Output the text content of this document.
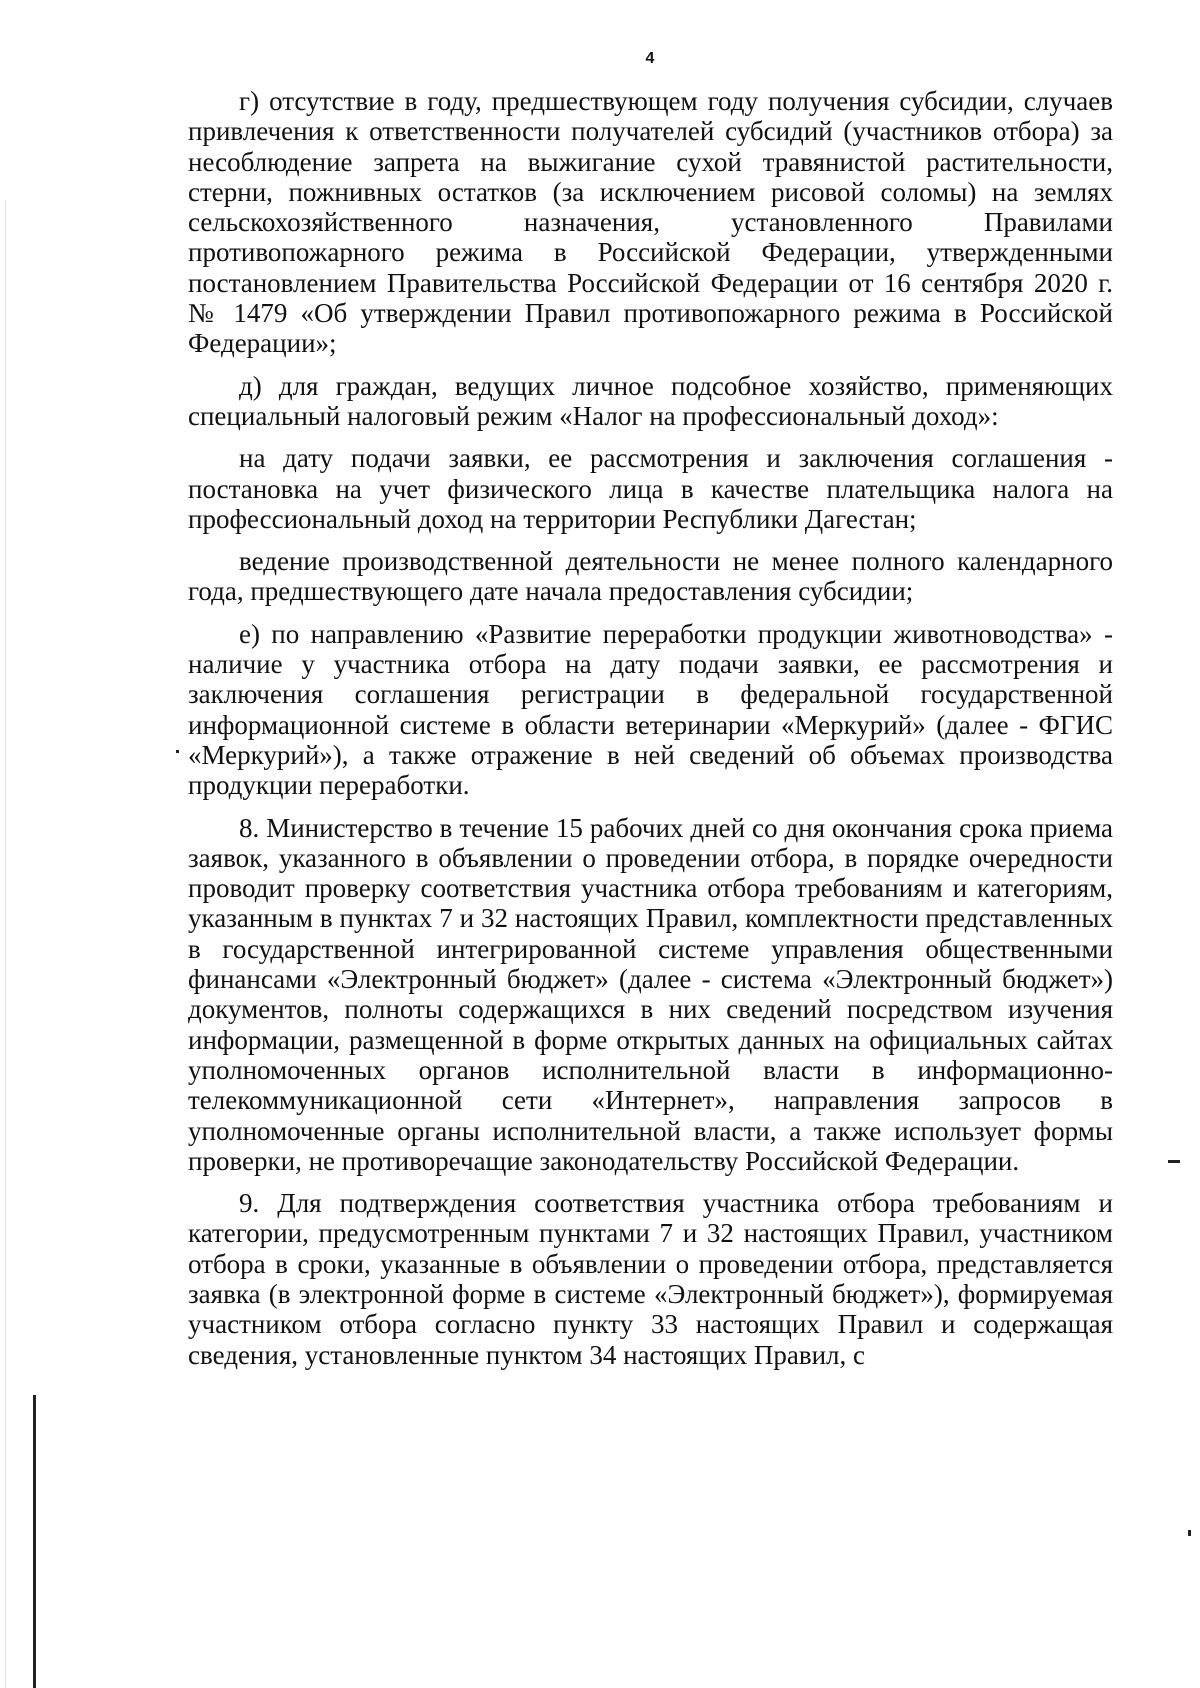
4

г) отсутствие в году, предшествующем году получения субсидии, случаев привлечения к ответственности получателей субсидий (участников отбора) за несоблюдение запрета на выжигание сухой травянистой растительности, стерни, пожнивных остатков (за исключением рисовой соломы) на землях сельскохозяйственного назначения, установленного Правилами противопожарного режима в Российской Федерации, утвержденными постановлением Правительства Российской Федерации от 16 сентября 2020 г. № 1479 «Об утверждении Правил противопожарного режима в Российской Федерации»;

д) для граждан, ведущих личное подсобное хозяйство, применяющих специальный налоговый режим «Налог на профессиональный доход»:

на дату подачи заявки, ее рассмотрения и заключения соглашения - постановка на учет физического лица в качестве плательщика налога на профессиональный доход на территории Республики Дагестан;

ведение производственной деятельности не менее полного календарного года, предшествующего дате начала предоставления субсидии;

е) по направлению «Развитие переработки продукции животноводства» - наличие у участника отбора на дату подачи заявки, ее рассмотрения и заключения соглашения регистрации в федеральной государственной информационной системе в области ветеринарии «Меркурий» (далее - ФГИС «Меркурий»), а также отражение в ней сведений об объемах производства продукции переработки.

8. Министерство в течение 15 рабочих дней со дня окончания срока приема заявок, указанного в объявлении о проведении отбора, в порядке очередности проводит проверку соответствия участника отбора требованиям и категориям, указанным в пунктах 7 и 32 настоящих Правил, комплектности представленных в государственной интегрированной системе управления общественными финансами «Электронный бюджет» (далее - система «Электронный бюджет») документов, полноты содержащихся в них сведений посредством изучения информации, размещенной в форме открытых данных на официальных сайтах уполномоченных органов исполнительной власти в информационно-телекоммуникационной сети «Интернет», направления запросов в уполномоченные органы исполнительной власти, а также использует формы проверки, не противоречащие законодательству Российской Федерации.

9. Для подтверждения соответствия участника отбора требованиям и категории, предусмотренным пунктами 7 и 32 настоящих Правил, участником отбора в сроки, указанные в объявлении о проведении отбора, представляется заявка (в электронной форме в системе «Электронный бюджет»), формируемая участником отбора согласно пункту 33 настоящих Правил и содержащая сведения, установленные пунктом 34 настоящих Правил, с
